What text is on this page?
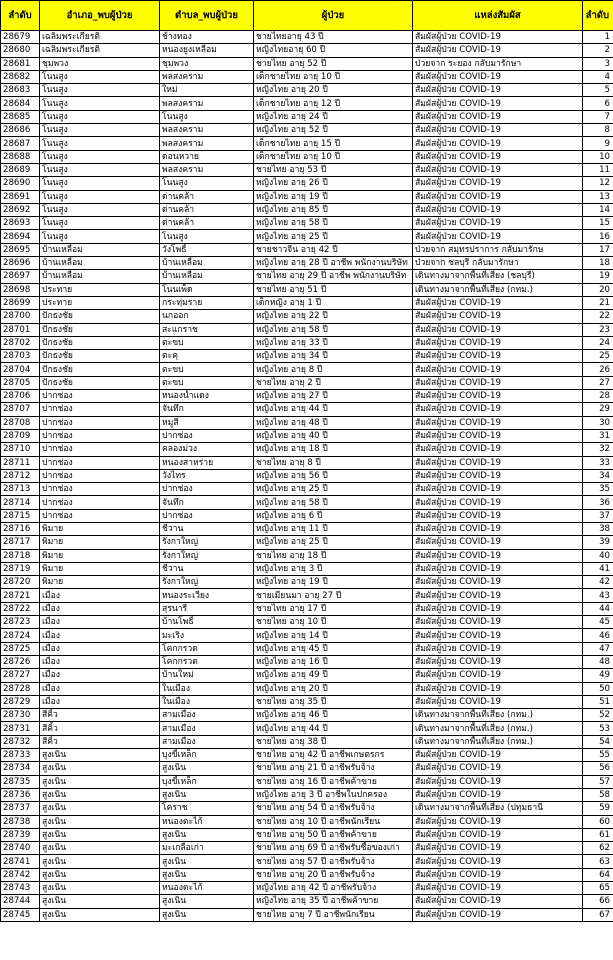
ลำดับ	อำเภอ_พบผู้ป่วย	ตำบล_พบผู้ป่วย	ผู้ป่วย	แหล่งสัมผัส	ลำดับ
28679	เฉลิมพระเกียรติ	ช้างทอง	ชายไทยอายุ 43 ปี	สัมผัสผู้ป่วย COVID-19	1
28680	เฉลิมพระเกียรติ	หนองยูงเหลือม	หญิงไทยอายุ 60 ปี	สัมผัสผู้ป่วย COVID-19	2
28681	ชุมพวง	ชุมพวง	ชายไทย อายุ 52 ปี	ป่วยจาก ระยอง กลับมารักษา	3
28682	โนนสูง	พลสงคราม	เด็กชายไทย อายุ 10 ปี	สัมผัสผู้ป่วย COVID-19	4
28683	โนนสูง	ใหม่	หญิงไทย อายุ 20 ปี	สัมผัสผู้ป่วย COVID-19	5
28684	โนนสูง	พลสงคราม	เด็กชายไทย อายุ 12 ปี	สัมผัสผู้ป่วย COVID-19	6
28685	โนนสูง	โนนสูง	หญิงไทย อายุ 24 ปี	สัมผัสผู้ป่วย COVID-19	7
28686	โนนสูง	พลสงคราม	หญิงไทย อายุ 52 ปี	สัมผัสผู้ป่วย COVID-19	8
28687	โนนสูง	พลสงคราม	เด็กชายไทย อายุ 15 ปี	สัมผัสผู้ป่วย COVID-19	9
28688	โนนสูง	ดอนหวาย	เด็กชายไทย อายุ 10 ปี	สัมผัสผู้ป่วย COVID-19	10
28689	โนนสูง	พลสงคราม	ชายไทย อายุ 53 ปี	สัมผัสผู้ป่วย COVID-19	11
28690	โนนสูง	โนนสูง	หญิงไทย อายุ 26 ปี	สัมผัสผู้ป่วย COVID-19	12
28691	โนนสูง	ด่านคล้า	หญิงไทย อายุ 19 ปี	สัมผัสผู้ป่วย COVID-19	13
28692	โนนสูง	ด่านคล้า	หญิงไทย อายุ 85 ปี	สัมผัสผู้ป่วย COVID-19	14
28693	โนนสูง	ด่านคล้า	หญิงไทย อายุ 58 ปี	สัมผัสผู้ป่วย COVID-19	15
28694	โนนสูง	โนนสูง	หญิงไทย อายุ 25 ปี	สัมผัสผู้ป่วย COVID-19	16
28695	บ้านเหลื่อม	วังโพธิ์	ชายชาวจีน อายุ 42 ปี	ป่วยจาก สมุทรปราการ กลับมารักษ	17
28696	บ้านเหลื่อม	บ้านเหลื่อม	หญิงไทย อายุ 28 ปี อาชีพ พนักงานบริษัท	ป่วยจาก ชลบุรี กลับมารักษา	18
28697	บ้านเหลื่อม	บ้านเหลื่อม	ชายไทย อายุ 29 ปี อาชีพ พนักงานบริษัท	เดินทางมาจากพื้นที่เสี่ยง (ชลบุรี)	19
28698	ประทาย	โนนเพ็ด	ชายไทย อายุ 51 ปี	เดินทางมาจากพื้นที่เสี่ยง (กทม.)	20
28699	ประทาย	กระทุ่มราย	เด็กหญิง อายุ 1 ปี	สัมผัสผู้ป่วย COVID-19	21
28700	ปักธงชัย	นกออก	หญิงไทย อายุ 22 ปี	สัมผัสผู้ป่วย COVID-19	22
28701	ปักธงชัย	สะแกราช	หญิงไทย อายุ 58 ปี	สัมผัสผู้ป่วย COVID-19	23
28702	ปักธงชัย	ตะขบ	หญิงไทย อายุ 33 ปี	สัมผัสผู้ป่วย COVID-19	24
28703	ปักธงชัย	ตะคุ	หญิงไทย อายุ 34 ปี	สัมผัสผู้ป่วย COVID-19	25
28704	ปักธงชัย	ตะขบ	หญิงไทย อายุ 8 ปี	สัมผัสผู้ป่วย COVID-19	26
28705	ปักธงชัย	ตะขบ	ชายไทย อายุ 2 ปี	สัมผัสผู้ป่วย COVID-19	27
28706	ปากช่อง	หนองน้ำแดง	หญิงไทย อายุ 27 ปี	สัมผัสผู้ป่วย COVID-19	28
28707	ปากช่อง	จันทึก	หญิงไทย อายุ 44 ปี	สัมผัสผู้ป่วย COVID-19	29
28708	ปากช่อง	หมูสี	หญิงไทย อายุ 48 ปี	สัมผัสผู้ป่วย COVID-19	30
28709	ปากช่อง	ปากช่อง	หญิงไทย อายุ 40 ปี	สัมผัสผู้ป่วย COVID-19	31
28710	ปากช่อง	คลองม่วง	หญิงไทย อายุ 18 ปี	สัมผัสผู้ป่วย COVID-19	32
28711	ปากช่อง	หนองสาหร่าย	ชายไทย อายุ 8 ปี	สัมผัสผู้ป่วย COVID-19	33
28712	ปากช่อง	วังไทร	หญิงไทย อายุ 56 ปี	สัมผัสผู้ป่วย COVID-19	34
28713	ปากช่อง	ปากช่อง	หญิงไทย อายุ 25 ปี	สัมผัสผู้ป่วย COVID-19	35
28714	ปากช่อง	จันทึก	หญิงไทย อายุ 58 ปี	สัมผัสผู้ป่วย COVID-19	36
28715	ปากช่อง	ปากช่อง	หญิงไทย อายุ 6 ปี	สัมผัสผู้ป่วย COVID-19	37
28716	พิมาย	ชีวาน	หญิงไทย อายุ 11 ปี	สัมผัสผู้ป่วย COVID-19	38
28717	พิมาย	รังกาใหญ่	หญิงไทย อายุ 25 ปี	สัมผัสผู้ป่วย COVID-19	39
28718	พิมาย	รังกาใหญ่	ชายไทย อายุ 18 ปี	สัมผัสผู้ป่วย COVID-19	40
28719	พิมาย	ชีวาน	หญิงไทย อายุ 3 ปี	สัมผัสผู้ป่วย COVID-19	41
28720	พิมาย	รังกาใหญ่	หญิงไทย อายุ 19 ปี	สัมผัสผู้ป่วย COVID-19	42
28721	เมือง	หนองระเวียง	ชายเมียนมา อายุ 27 ปี	สัมผัสผู้ป่วย COVID-19	43
28722	เมือง	สุรนารี	ชายไทย อายุ 17 ปี	สัมผัสผู้ป่วย COVID-19	44
28723	เมือง	บ้านโพธิ์	ชายไทย อายุ 10 ปี	สัมผัสผู้ป่วย COVID-19	45
28724	เมือง	มะเริง	หญิงไทย อายุ 14 ปี	สัมผัสผู้ป่วย COVID-19	46
28725	เมือง	โคกกรวด	หญิงไทย อายุ 45 ปี	สัมผัสผู้ป่วย COVID-19	47
28726	เมือง	โคกกรวด	หญิงไทย อายุ 16 ปี	สัมผัสผู้ป่วย COVID-19	48
28727	เมือง	บ้านใหม่	หญิงไทย อายุ 49 ปี	สัมผัสผู้ป่วย COVID-19	49
28728	เมือง	ในเมือง	หญิงไทย อายุ 20 ปี	สัมผัสผู้ป่วย COVID-19	50
28729	เมือง	ในเมือง	ชายไทย อายุ 35 ปี	สัมผัสผู้ป่วย COVID-19	51
28730	สีคิ้ว	สามเมือง	หญิงไทย อายุ 46 ปี	เดินทางมาจากพื้นที่เสี่ยง (กทม.)	52
28731	สีคิ้ว	สามเมือง	หญิงไทย อายุ 44 ปี	เดินทางมาจากพื้นที่เสี่ยง (กทม.)	53
28732	สีคิ้ว	สามเมือง	ชายไทย อายุ 38 ปี	เดินทางมาจากพื้นที่เสี่ยง (กทม.)	54
28733	สูงเนิน	บุงขี้เหล็ก	ชายไทย อายุ 42 ปี อาชีพเกษตรกร	สัมผัสผู้ป่วย COVID-19	55
28734	สูงเนิน	สูงเนิน	ชายไทย อายุ 21 ปี อาชีพรับจ้าง	สัมผัสผู้ป่วย COVID-19	56
28735	สูงเนิน	บุงขี้เหล็ก	ชายไทย อายุ 16 ปี อาชีพค้าขาย	สัมผัสผู้ป่วย COVID-19	57
28736	สูงเนิน	สูงเนิน	หญิงไทย อายุ 3 ปี อาชีพในปกครอง	สัมผัสผู้ป่วย COVID-19	58
28737	สูงเนิน	โคราช	ชายไทย อายุ 54 ปี อาชีพรับจ้าง	เดินทางมาจากพื้นที่เสี่ยง (ปทุมธานี	59
28738	สูงเนิน	หนองตะไก้	ชายไทย อายุ 10 ปี อาชีพนักเรียน	สัมผัสผู้ป่วย COVID-19	60
28739	สูงเนิน	สูงเนิน	ชายไทย อายุ 50 ปี อาชีพค้าขาย	สัมผัสผู้ป่วย COVID-19	61
28740	สูงเนิน	มะเกลือเก่า	ชายไทย อายุ 69 ปี อาชีพรับซื้อของเก่า	สัมผัสผู้ป่วย COVID-19	62
28741	สูงเนิน	สูงเนิน	ชายไทย อายุ 57 ปี อาชีพรับจ้าง	สัมผัสผู้ป่วย COVID-19	63
28742	สูงเนิน	สูงเนิน	ชายไทย อายุ 20 ปี อาชีพรับจ้าง	สัมผัสผู้ป่วย COVID-19	64
28743	สูงเนิน	หนองตะไก้	หญิงไทย อายุ 42 ปี อาชีพรับจ้าง	สัมผัสผู้ป่วย COVID-19	65
28744	สูงเนิน	สูงเนิน	หญิงไทย อายุ 35 ปี อาชีพค้าขาย	สัมผัสผู้ป่วย COVID-19	66
28745	สูงเนิน	สูงเนิน	ชายไทย อายุ 7 ปี อาชีพนักเรียน	สัมผัสผู้ป่วย COVID-19	67
